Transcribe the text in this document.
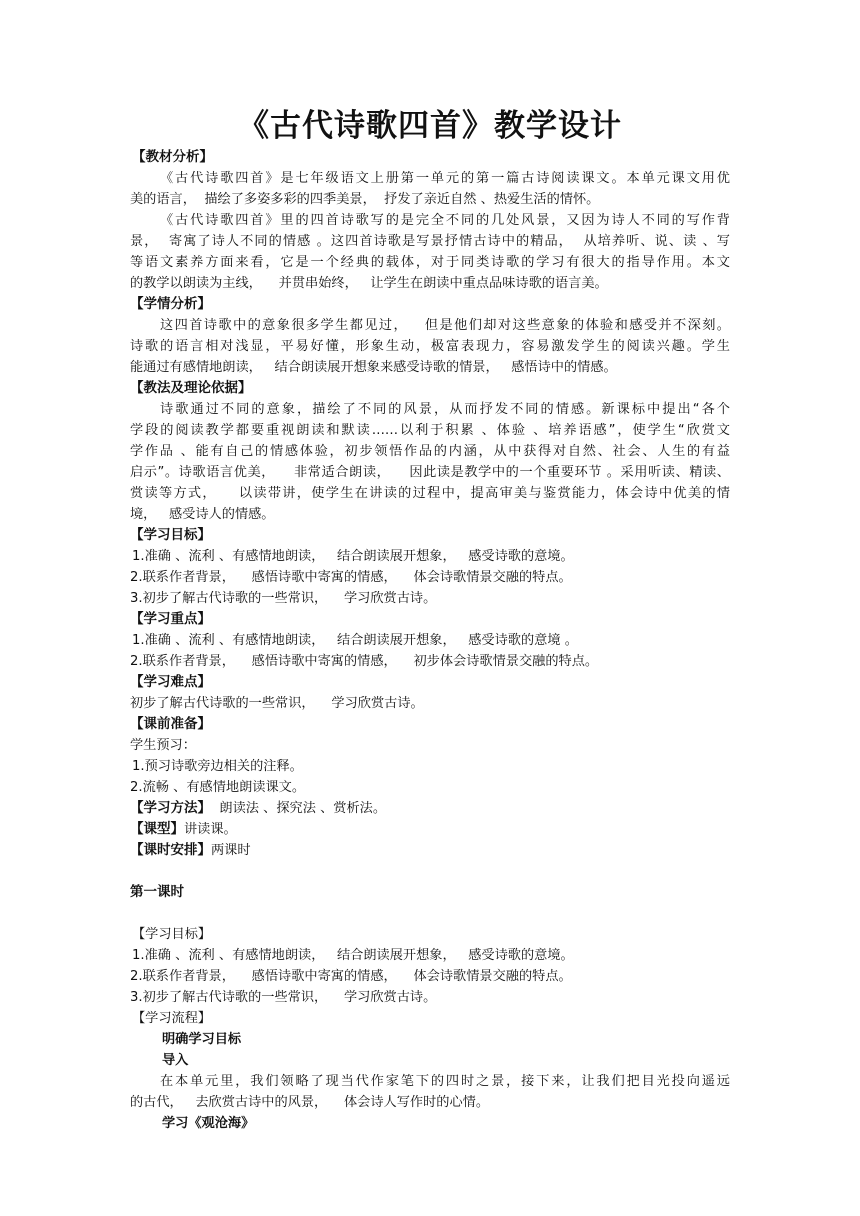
《古代诗歌四首》教学设计
【教材分析】
《古代诗歌四首》是七年级语文上册第一单元的第一篇古诗阅读课文。本单元课文用优
美的语言，  描绘了多姿多彩的四季美景，  抒发了亲近自然 、热爱生活的情怀。
《古代诗歌四首》里的四首诗歌写的是完全不同的几处风景，又因为诗人不同的写作背
景，  寄寓了诗人不同的情感 。这四首诗歌是写景抒情古诗中的精品，  从培养听、说、读 、写
等语文素养方面来看，它是一个经典的载体，对于同类诗歌的学习有很大的指导作用。本文
的教学以朗读为主线，    并贯串始终，   让学生在朗读中重点品味诗歌的语言美。
【学情分析】
这四首诗歌中的意象很多学生都见过，   但是他们却对这些意象的体验和感受并不深刻。
诗歌的语言相对浅显，平易好懂，形象生动，极富表现力，容易激发学生的阅读兴趣。学生
能通过有感情地朗读，   结合朗读展开想象来感受诗歌的情景，   感悟诗中的情感。
【教法及理论依据】
诗歌通过不同的意象，描绘了不同的风景，从而抒发不同的情感。新课标中提出“各个
学段的阅读教学都要重视朗读和默读……以利于积累 、体验 、培养语感”，使学生“欣赏文
学作品 、能有自己的情感体验，初步领悟作品的内涵，从中获得对自然、社会、人生的有益
启示”。诗歌语言优美，    非常适合朗读，    因此读是教学中的一个重要环节 。采用听读、精读、
赏读等方式，    以读带讲，使学生在讲读的过程中，提高审美与鉴赏能力，体会诗中优美的情
境，   感受诗人的情感。
【学习目标】
1.准确 、流利 、有感情地朗读，   结合朗读展开想象，   感受诗歌的意境。
2.联系作者背景，    感悟诗歌中寄寓的情感，    体会诗歌情景交融的特点。
3.初步了解古代诗歌的一些常识，    学习欣赏古诗。
【学习重点】
1.准确 、流利 、有感情地朗读，   结合朗读展开想象，   感受诗歌的意境 。
2.联系作者背景，    感悟诗歌中寄寓的情感，    初步体会诗歌情景交融的特点。
【学习难点】
初步了解古代诗歌的一些常识，    学习欣赏古诗。
【课前准备】
学生预习：
1.预习诗歌旁边相关的注释。
2.流畅 、有感情地朗读课文。
【学习方法】  朗读法 、探究法 、赏析法。
【课型】讲读课。
【课时安排】两课时
第一课时
【学习目标】
1.准确 、流利 、有感情地朗读，   结合朗读展开想象，   感受诗歌的意境。
2.联系作者背景，    感悟诗歌中寄寓的情感，    体会诗歌情景交融的特点。
3.初步了解古代诗歌的一些常识，    学习欣赏古诗。
【学习流程】
明确学习目标
导入
在本单元里，我们领略了现当代作家笔下的四时之景，接下来，让我们把目光投向遥远
的古代，   去欣赏古诗中的风景，    体会诗人写作时的心情。
学习《观沧海》
